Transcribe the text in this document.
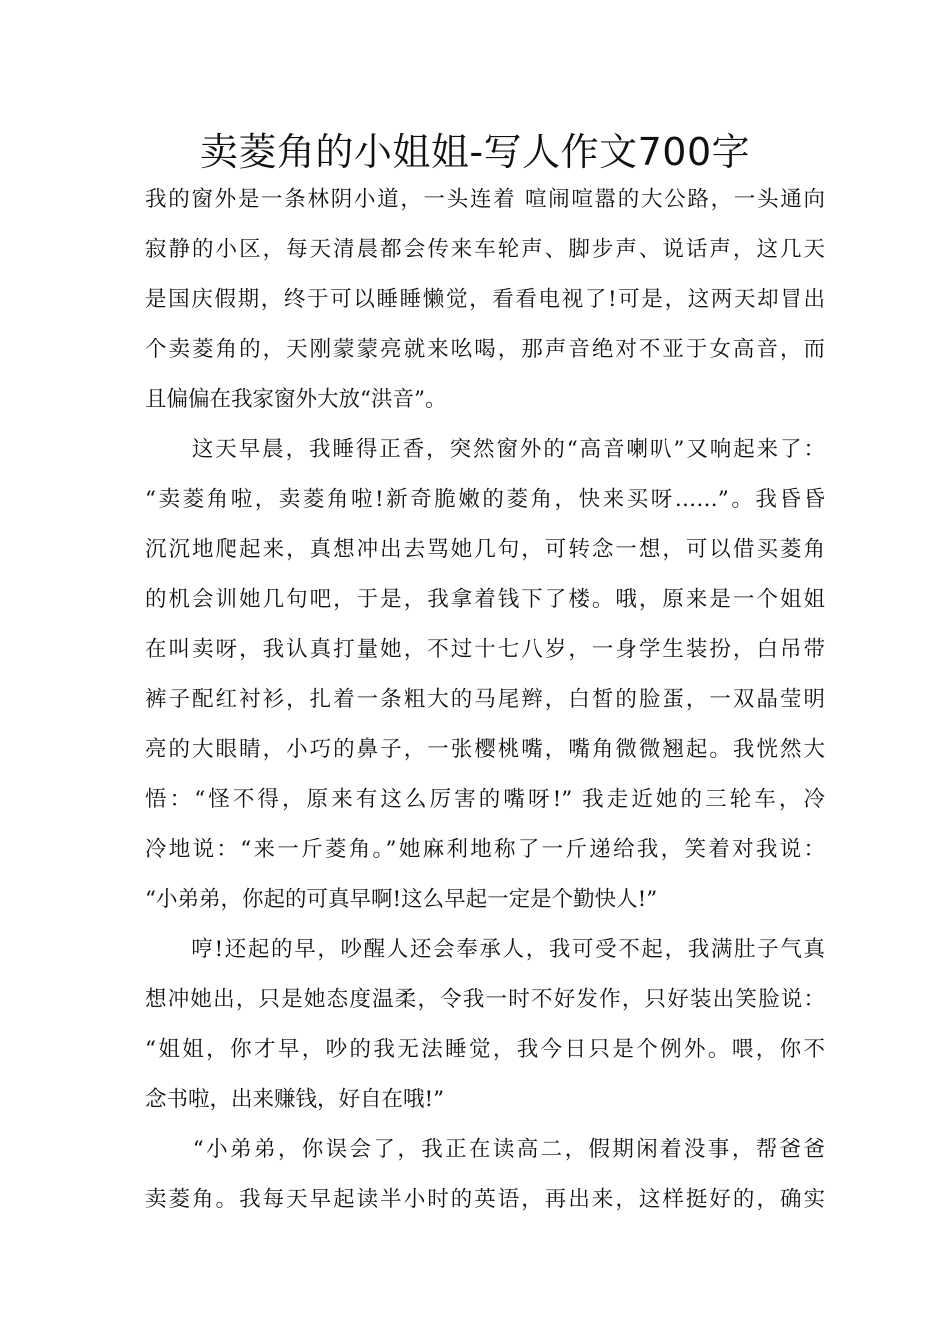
卖菱角的小姐姐-写人作文700字
我的窗外是一条林阴小道，一头连着 喧闹喧嚣的大公路，一头通向
寂静的小区，每天清晨都会传来车轮声、脚步声、说话声，这几天
是国庆假期，终于可以睡睡懒觉，看看电视了!可是，这两天却冒出
个卖菱角的，天刚蒙蒙亮就来吆喝，那声音绝对不亚于女高音，而
且偏偏在我家窗外大放“洪音”。
　　这天早晨，我睡得正香，突然窗外的“高音喇叭”又响起来了：
“卖菱角啦，卖菱角啦!新奇脆嫩的菱角，快来买呀……”。我昏昏
沉沉地爬起来，真想冲出去骂她几句，可转念一想，可以借买菱角
的机会训她几句吧，于是，我拿着钱下了楼。哦，原来是一个姐姐
在叫卖呀，我认真打量她，不过十七八岁，一身学生装扮，白吊带
裤子配红衬衫，扎着一条粗大的马尾辫，白皙的脸蛋，一双晶莹明
亮的大眼睛，小巧的鼻子，一张樱桃嘴，嘴角微微翘起。我恍然大
悟：“怪不得，原来有这么厉害的嘴呀!” 我走近她的三轮车，冷
冷地说：“来一斤菱角。”她麻利地称了一斤递给我，笑着对我说：
“小弟弟，你起的可真早啊!这么早起一定是个勤快人!”
　　哼!还起的早，吵醒人还会奉承人，我可受不起，我满肚子气真
想冲她出，只是她态度温柔，令我一时不好发作，只好装出笑脸说：
“姐姐，你才早，吵的我无法睡觉，我今日只是个例外。喂，你不
念书啦，出来赚钱，好自在哦!”
　　“小弟弟，你误会了，我正在读高二，假期闲着没事，帮爸爸
卖菱角。我每天早起读半小时的英语，再出来，这样挺好的，确实
